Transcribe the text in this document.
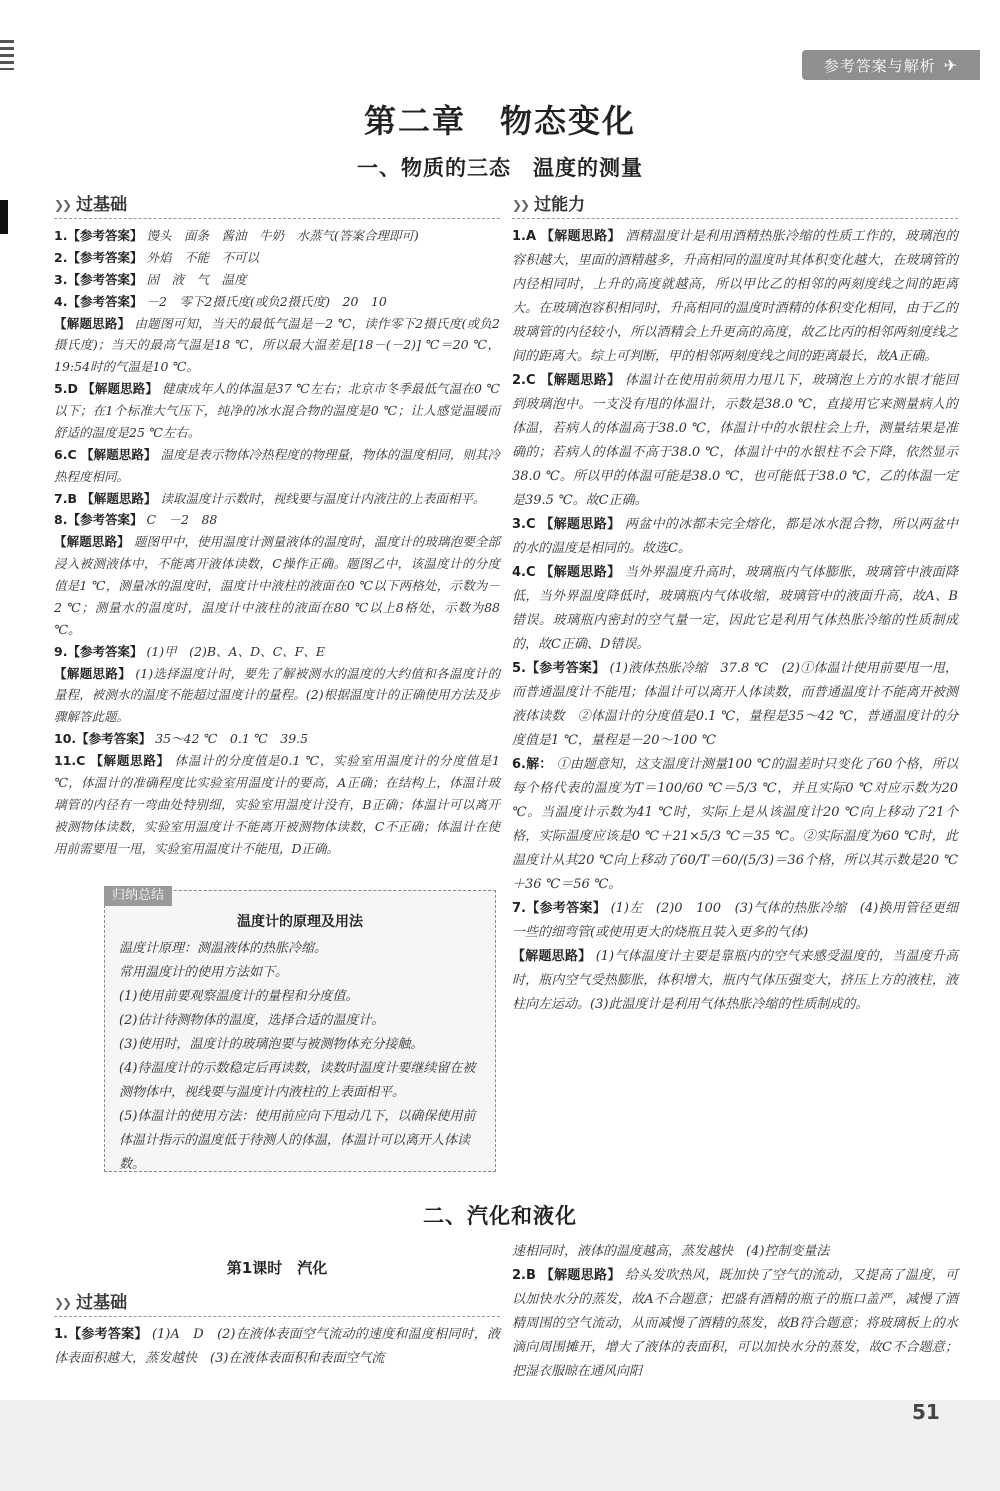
参考答案与解析 ✈
第二章　物态变化
一、物质的三态　温度的测量
❯❯ 过基础

1.【参考答案】 馒头　面条　酱油　牛奶　水蒸气(答案合理即可)

2.【参考答案】 外焰　不能　不可以

3.【参考答案】 固　液　气　温度

4.【参考答案】 －2　零下2摄氏度(或负2摄氏度)　20　10

【解题思路】 由题图可知，当天的最低气温是－2 ℃，读作零下2摄氏度(或负2摄氏度)；当天的最高气温是18 ℃，所以最大温差是[18－(－2)] ℃＝20 ℃，19:54时的气温是10 ℃。

5.D 【解题思路】 健康成年人的体温是37 ℃左右；北京市冬季最低气温在0 ℃以下；在1个标准大气压下，纯净的冰水混合物的温度是0 ℃；让人感觉温暖而舒适的温度是25 ℃左右。

6.C 【解题思路】 温度是表示物体冷热程度的物理量，物体的温度相同，则其冷热程度相同。

7.B 【解题思路】 读取温度计示数时，视线要与温度计内液注的上表面相平。

8.【参考答案】 C　－2　88

【解题思路】 题图甲中，使用温度计测量液体的温度时，温度计的玻璃泡要全部浸入被测液体中，不能离开液体读数，C操作正确。题图乙中，该温度计的分度值是1 ℃，测量冰的温度时，温度计中液柱的液面在0 ℃以下两格处，示数为－2 ℃；测量水的温度时，温度计中液柱的液面在80 ℃以上8格处，示数为88 ℃。

9.【参考答案】 (1)甲　(2)B、A、D、C、F、E

【解题思路】 (1)选择温度计时，要先了解被测水的温度的大约值和各温度计的量程，被测水的温度不能超过温度计的量程。(2)根据温度计的正确使用方法及步骤解答此题。

10.【参考答案】 35～42 ℃　0.1 ℃　39.5

11.C 【解题思路】 体温计的分度值是0.1 ℃，实验室用温度计的分度值是1 ℃，体温计的准确程度比实验室用温度计的要高，A正确；在结构上，体温计玻璃管的内径有一弯曲处特别细，实验室用温度计没有，B正确；体温计可以离开被测物体读数，实验室用温度计不能离开被测物体读数，C不正确；体温计在使用前需要甩一甩，实验室用温度计不能甩，D正确。

温度计的原理及用法

温度计原理：测温液体的热胀冷缩。

常用温度计的使用方法如下。

(1)使用前要观察温度计的量程和分度值。

(2)估计待测物体的温度，选择合适的温度计。

(3)使用时，温度计的玻璃泡要与被测物体充分接触。

(4)待温度计的示数稳定后再读数，读数时温度计要继续留在被测物体中，视线要与温度计内液柱的上表面相平。

(5)体温计的使用方法：使用前应向下甩动几下，以确保使用前体温计指示的温度低于待测人的体温，体温计可以离开人体读数。

归纳总结
❯❯ 过能力

1.A 【解题思路】 酒精温度计是利用酒精热胀冷缩的性质工作的，玻璃泡的容积越大，里面的酒精越多，升高相同的温度时其体积变化越大，在玻璃管的内径相同时，上升的高度就越高，所以甲比乙的相邻的两刻度线之间的距离大。在玻璃泡容积相同时，升高相同的温度时酒精的体积变化相同，由于乙的玻璃管的内径较小，所以酒精会上升更高的高度，故乙比丙的相邻两刻度线之间的距离大。综上可判断，甲的相邻两刻度线之间的距离最长，故A正确。

2.C 【解题思路】 体温计在使用前须用力甩几下，玻璃泡上方的水银才能回到玻璃泡中。一支没有甩的体温计，示数是38.0 ℃，直接用它来测量病人的体温，若病人的体温高于38.0 ℃，体温计中的水银柱会上升，测量结果是准确的；若病人的体温不高于38.0 ℃，体温计中的水银柱不会下降，依然显示38.0 ℃。所以甲的体温可能是38.0 ℃，也可能低于38.0 ℃，乙的体温一定是39.5 ℃。故C正确。

3.C 【解题思路】 两盆中的冰都未完全熔化，都是冰水混合物，所以两盆中的水的温度是相同的。故选C。

4.C 【解题思路】 当外界温度升高时，玻璃瓶内气体膨胀，玻璃管中液面降低，当外界温度降低时，玻璃瓶内气体收缩，玻璃管中的液面升高，故A、B错误。玻璃瓶内密封的空气量一定，因此它是利用气体热胀冷缩的性质制成的，故C正确、D错误。

5.【参考答案】 (1)液体热胀冷缩　37.8 ℃　(2)①体温计使用前要甩一甩，而普通温度计不能甩；体温计可以离开人体读数，而普通温度计不能离开被测液体读数　②体温计的分度值是0.1 ℃，量程是35～42 ℃，普通温度计的分度值是1 ℃，量程是－20～100 ℃

6.解： ①由题意知，这支温度计测量100 ℃的温差时只变化了60个格，所以每个格代表的温度为T＝100/60 ℃＝5/3 ℃，并且实际0 ℃对应示数为20 ℃。当温度计示数为41 ℃时，实际上是从该温度计20 ℃向上移动了21个格，实际温度应该是0 ℃＋21×5/3 ℃＝35 ℃。②实际温度为60 ℃时，此温度计从其20 ℃向上移动了60/T＝60/(5/3)＝36个格，所以其示数是20 ℃＋36 ℃＝56 ℃。

7.【参考答案】 (1)左　(2)0　100　(3)气体的热胀冷缩　(4)换用管径更细一些的细弯管(或使用更大的烧瓶且装入更多的气体)

【解题思路】 (1)气体温度计主要是靠瓶内的空气来感受温度的，当温度升高时，瓶内空气受热膨胀，体积增大，瓶内气体压强变大，挤压上方的液柱，液柱向左运动。(3)此温度计是利用气体热胀冷缩的性质制成的。

二、汽化和液化
第1课时　汽化
❯❯ 过基础

1.【参考答案】 (1)A　D　(2)在液体表面空气流动的速度和温度相同时，液体表面积越大，蒸发越快　(3)在液体表面积和表面空气流

速相同时，液体的温度越高，蒸发越快　(4)控制变量法

2.B 【解题思路】 给头发吹热风，既加快了空气的流动，又提高了温度，可以加快水分的蒸发，故A不合题意；把盛有酒精的瓶子的瓶口盖严，减慢了酒精周围的空气流动，从而减慢了酒精的蒸发，故B符合题意；将玻璃板上的水滴向周围摊开，增大了液体的表面积，可以加快水分的蒸发，故C不合题意；把湿衣服晾在通风向阳

51
